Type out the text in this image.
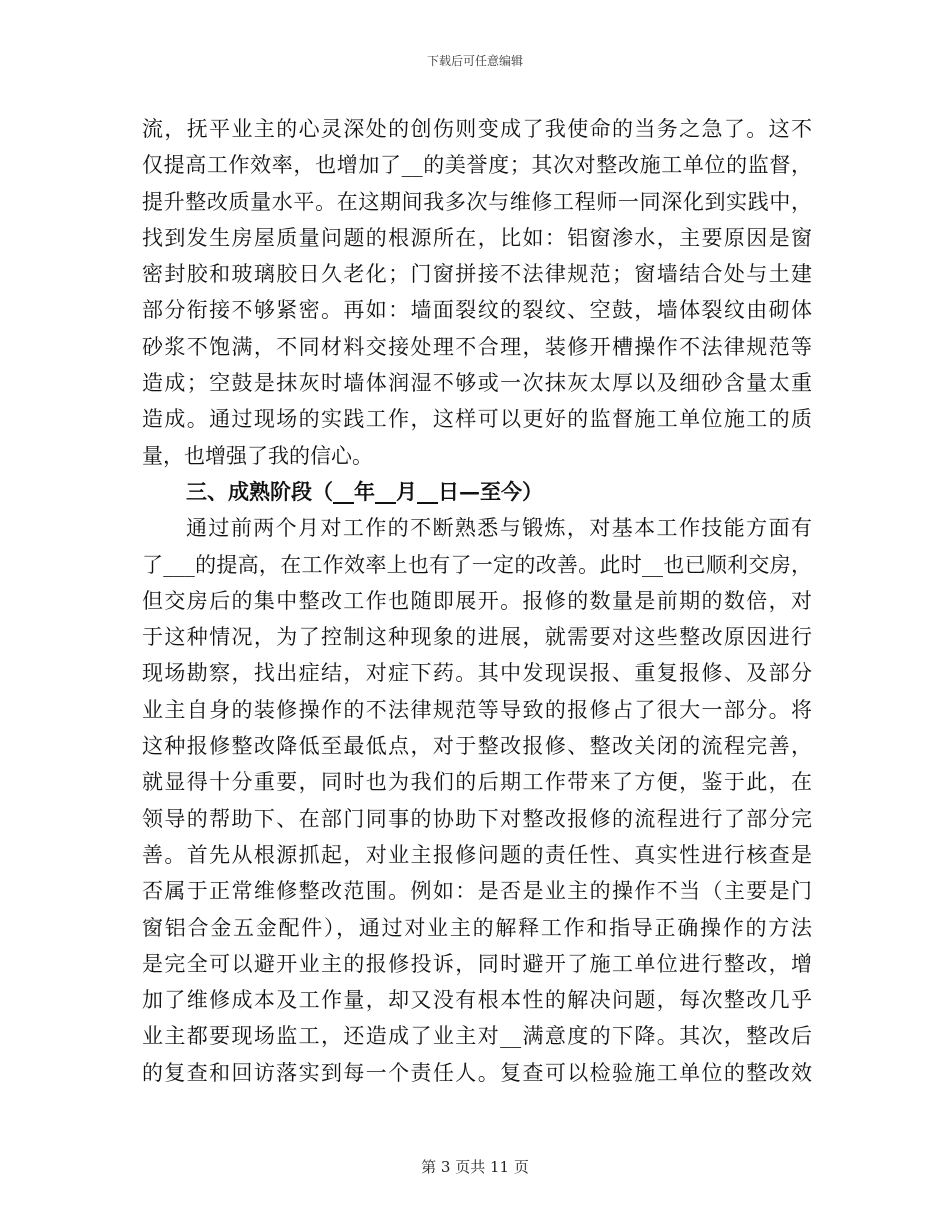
下载后可任意编辑
流，抚平业主的心灵深处的创伤则变成了我使命的当务之急了。这不
仅提高工作效率，也增加了__的美誉度；其次对整改施工单位的监督，
提升整改质量水平。在这期间我多次与维修工程师一同深化到实践中，
找到发生房屋质量问题的根源所在，比如：铝窗渗水，主要原因是窗
密封胶和玻璃胶日久老化；门窗拼接不法律规范；窗墙结合处与土建
部分衔接不够紧密。再如：墙面裂纹的裂纹、空鼓，墙体裂纹由砌体
砂浆不饱满，不同材料交接处理不合理，装修开槽操作不法律规范等
造成；空鼓是抹灰时墙体润湿不够或一次抹灰太厚以及细砂含量太重
造成。通过现场的实践工作，这样可以更好的监督施工单位施工的质
量，也增强了我的信心。
三、成熟阶段（__年__月__日—至今）
通过前两个月对工作的不断熟悉与锻炼，对基本工作技能方面有
了___的提高，在工作效率上也有了一定的改善。此时__也已顺利交房，
但交房后的集中整改工作也随即展开。报修的数量是前期的数倍，对
于这种情况，为了控制这种现象的进展，就需要对这些整改原因进行
现场勘察，找出症结，对症下药。其中发现误报、重复报修、及部分
业主自身的装修操作的不法律规范等导致的报修占了很大一部分。将
这种报修整改降低至最低点，对于整改报修、整改关闭的流程完善，
就显得十分重要，同时也为我们的后期工作带来了方便，鉴于此，在
领导的帮助下、在部门同事的协助下对整改报修的流程进行了部分完
善。首先从根源抓起，对业主报修问题的责任性、真实性进行核查是
否属于正常维修整改范围。例如：是否是业主的操作不当（主要是门
窗铝合金五金配件），通过对业主的解释工作和指导正确操作的方法
是完全可以避开业主的报修投诉，同时避开了施工单位进行整改，增
加了维修成本及工作量，却又没有根本性的解决问题，每次整改几乎
业主都要现场监工，还造成了业主对__满意度的下降。其次，整改后
的复查和回访落实到每一个责任人。复查可以检验施工单位的整改效
第 3 页共 11 页
